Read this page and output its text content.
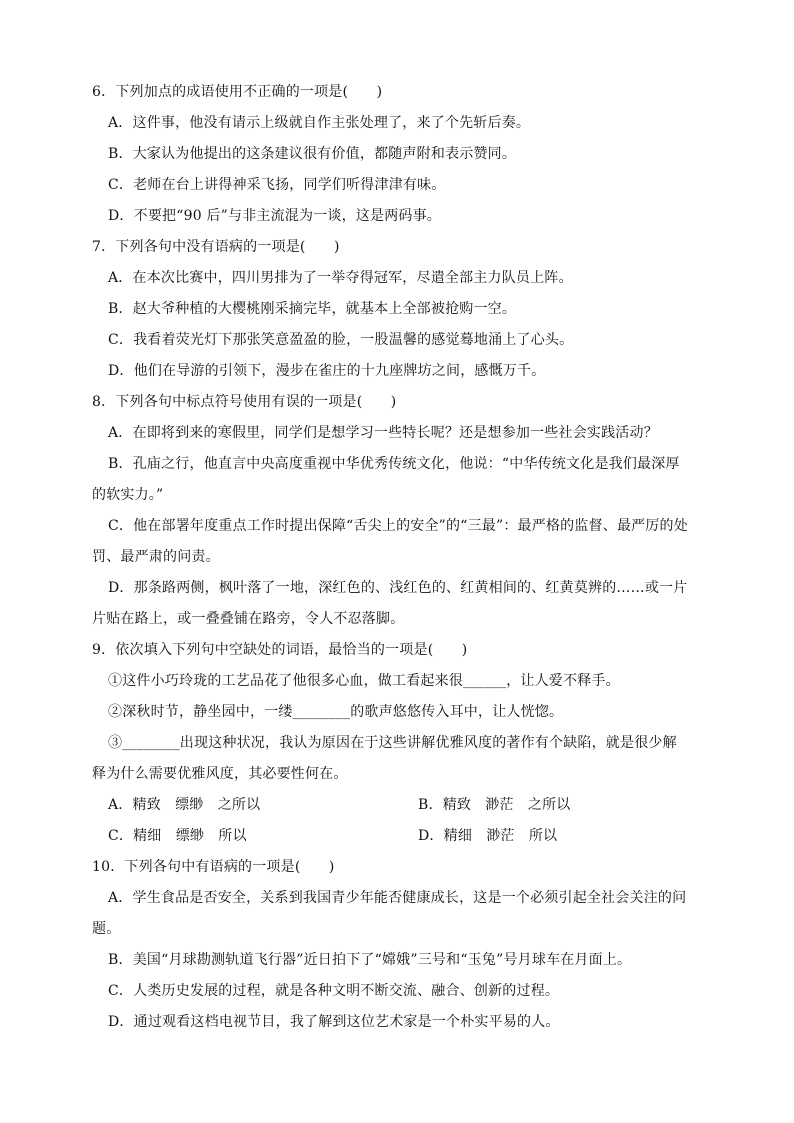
6．下列加点的成语使用不正确的一项是(　　)
A．这件事，他没有请示上级就自作主张处理了，来了个先斩后奏。
B．大家认为他提出的这条建议很有价值，都随声附和表示赞同。
C．老师在台上讲得神采飞扬，同学们听得津津有味。
D．不要把“90 后”与非主流混为一谈，这是两码事。
7．下列各句中没有语病的一项是(　　)
A．在本次比赛中，四川男排为了一举夺得冠军，尽遣全部主力队员上阵。
B．赵大爷种植的大樱桃刚采摘完毕，就基本上全部被抢购一空。
C．我看着荧光灯下那张笑意盈盈的脸，一股温馨的感觉蓦地涌上了心头。
D．他们在导游的引领下，漫步在雀庄的十九座牌坊之间，感慨万千。
8．下列各句中标点符号使用有误的一项是(　　)
A．在即将到来的寒假里，同学们是想学习一些特长呢？还是想参加一些社会实践活动？
B．孔庙之行，他直言中央高度重视中华优秀传统文化，他说：“中华传统文化是我们最深厚
的软实力。”
C．他在部署年度重点工作时提出保障“舌尖上的安全”的“三最”：最严格的监督、最严厉的处
罚、最严肃的问责。
D．那条路两侧，枫叶落了一地，深红色的、浅红色的、红黄相间的、红黄莫辨的……或一片
片贴在路上，或一叠叠铺在路旁，令人不忍落脚。
9．依次填入下列句中空缺处的词语，最恰当的一项是(　　)
①这件小巧玲珑的工艺品花了他很多心血，做工看起来很______，让人爱不释手。
②深秋时节，静坐园中，一缕________的歌声悠悠传入耳中，让人恍惚。
③________出现这种状况，我认为原因在于这些讲解优雅风度的著作有个缺陷，就是很少解
释为什么需要优雅风度，其必要性何在。
A．精致　缥缈　之所以	B．精致　渺茫　之所以
C．精细　缥缈　所以	D．精细　渺茫　所以
10．下列各句中有语病的一项是(　　)
A．学生食品是否安全，关系到我国青少年能否健康成长，这是一个必须引起全社会关注的问
题。
B．美国“月球勘测轨道飞行器”近日拍下了“嫦娥”三号和“玉兔”号月球车在月面上。
C．人类历史发展的过程，就是各种文明不断交流、融合、创新的过程。
D．通过观看这档电视节目，我了解到这位艺术家是一个朴实平易的人。
